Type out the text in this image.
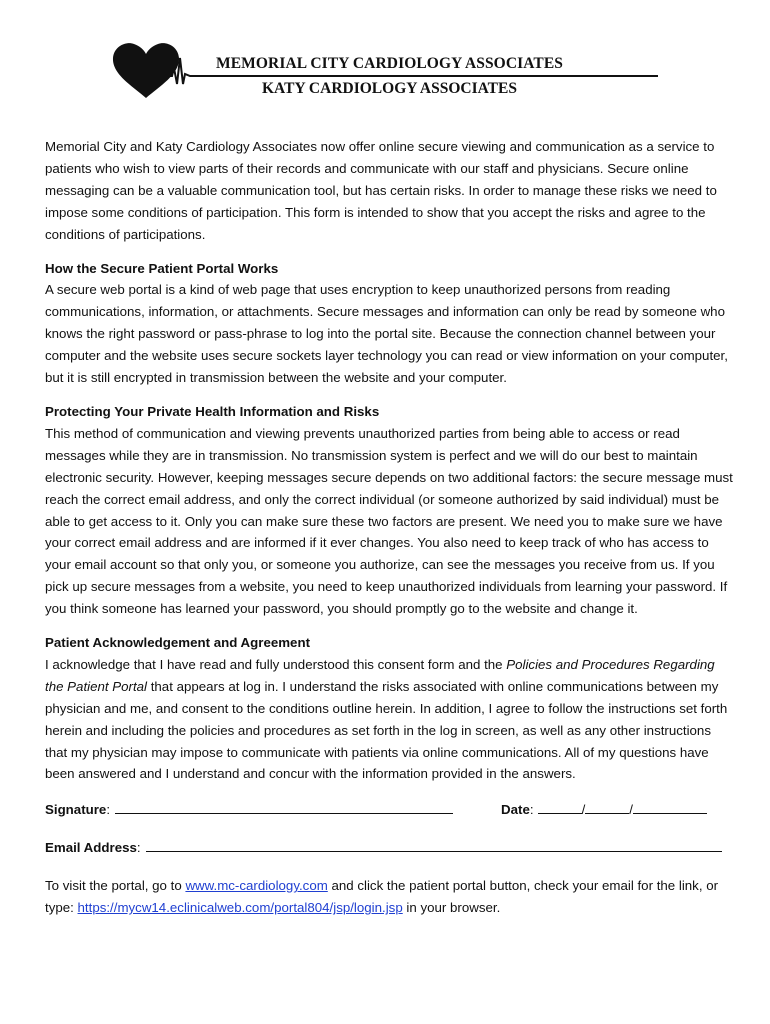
MEMORIAL CITY CARDIOLOGY ASSOCIATES
KATY CARDIOLOGY ASSOCIATES

Memorial City and Katy Cardiology Associates now offer online secure viewing and communication as a service to patients who wish to view parts of their records and communicate with our staff and physicians. Secure online messaging can be a valuable communication tool, but has certain risks. In order to manage these risks we need to impose some conditions of participation. This form is intended to show that you accept the risks and agree to the conditions of participations.

How the Secure Patient Portal Works
A secure web portal is a kind of web page that uses encryption to keep unauthorized persons from reading communications, information, or attachments. Secure messages and information can only be read by someone who knows the right password or pass-phrase to log into the portal site. Because the connection channel between your computer and the website uses secure sockets layer technology you can read or view information on your computer, but it is still encrypted in transmission between the website and your computer.

Protecting Your Private Health Information and Risks
This method of communication and viewing prevents unauthorized parties from being able to access or read messages while they are in transmission. No transmission system is perfect and we will do our best to maintain electronic security. However, keeping messages secure depends on two additional factors: the secure message must reach the correct email address, and only the correct individual (or someone authorized by said individual) must be able to get access to it. Only you can make sure these two factors are present. We need you to make sure we have your correct email address and are informed if it ever changes. You also need to keep track of who has access to your email account so that only you, or someone you authorize, can see the messages you receive from us. If you pick up secure messages from a website, you need to keep unauthorized individuals from learning your password. If you think someone has learned your password, you should promptly go to the website and change it.

Patient Acknowledgement and Agreement
I acknowledge that I have read and fully understood this consent form and the Policies and Procedures Regarding the Patient Portal that appears at log in. I understand the risks associated with online communications between my physician and me, and consent to the conditions outline herein. In addition, I agree to follow the instructions set forth herein and including the policies and procedures as set forth in the log in screen, as well as any other instructions that my physician may impose to communicate with patients via online communications. All of my questions have been answered and I understand and concur with the information provided in the answers.

Signature :	Date :	/	/
Email Address :

To visit the portal, go to www.mc-cardiology.com and click the patient portal button, check your email for the link, or type: https://mycw14.eclinicalweb.com/portal804/jsp/login.jsp in your browser.
